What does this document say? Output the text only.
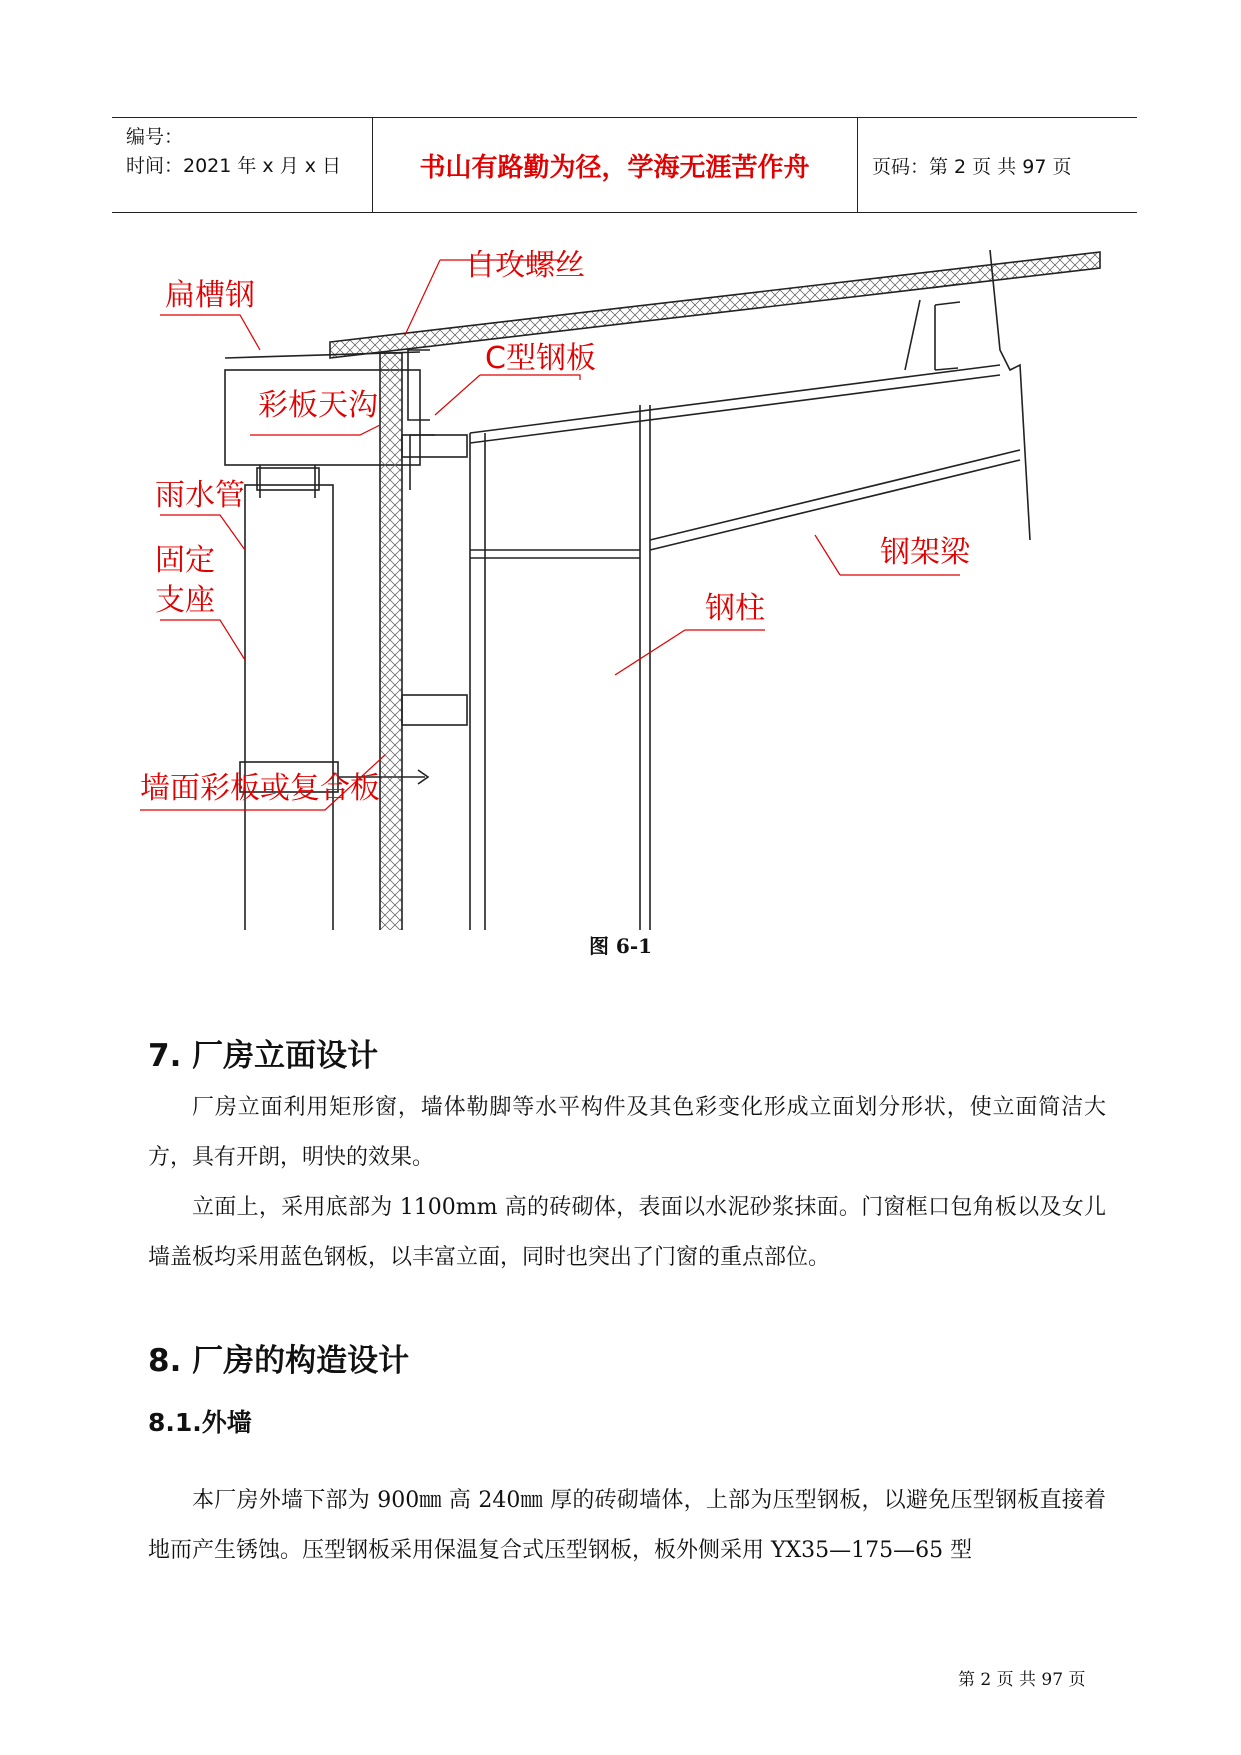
编号：
时间：2021 年 x 月 x 日	书山有路勤为径，学海无涯苦作舟	页码：第 2 页 共 97 页
扁槽钢
自攻螺丝
C型钢板
彩板天沟
雨水管
固定
支座
钢架梁
钢柱
墙面彩板或复合板
图 6-1
7. 厂房立面设计
厂房立面利用矩形窗，墙体勒脚等水平构件及其色彩变化形成立面划分形状，使立面简洁大方，具有开朗，明快的效果。
立面上，采用底部为 1100mm 高的砖砌体，表面以水泥砂浆抹面。门窗框口包角板以及女儿墙盖板均采用蓝色钢板，以丰富立面，同时也突出了门窗的重点部位。
8. 厂房的构造设计
8.1.外墙
本厂房外墙下部为 900㎜ 高 240㎜ 厚的砖砌墙体，上部为压型钢板，以避免压型钢板直接着地而产生锈蚀。压型钢板采用保温复合式压型钢板，板外侧采用 YX35—175—65 型
第 2 页 共 97 页
